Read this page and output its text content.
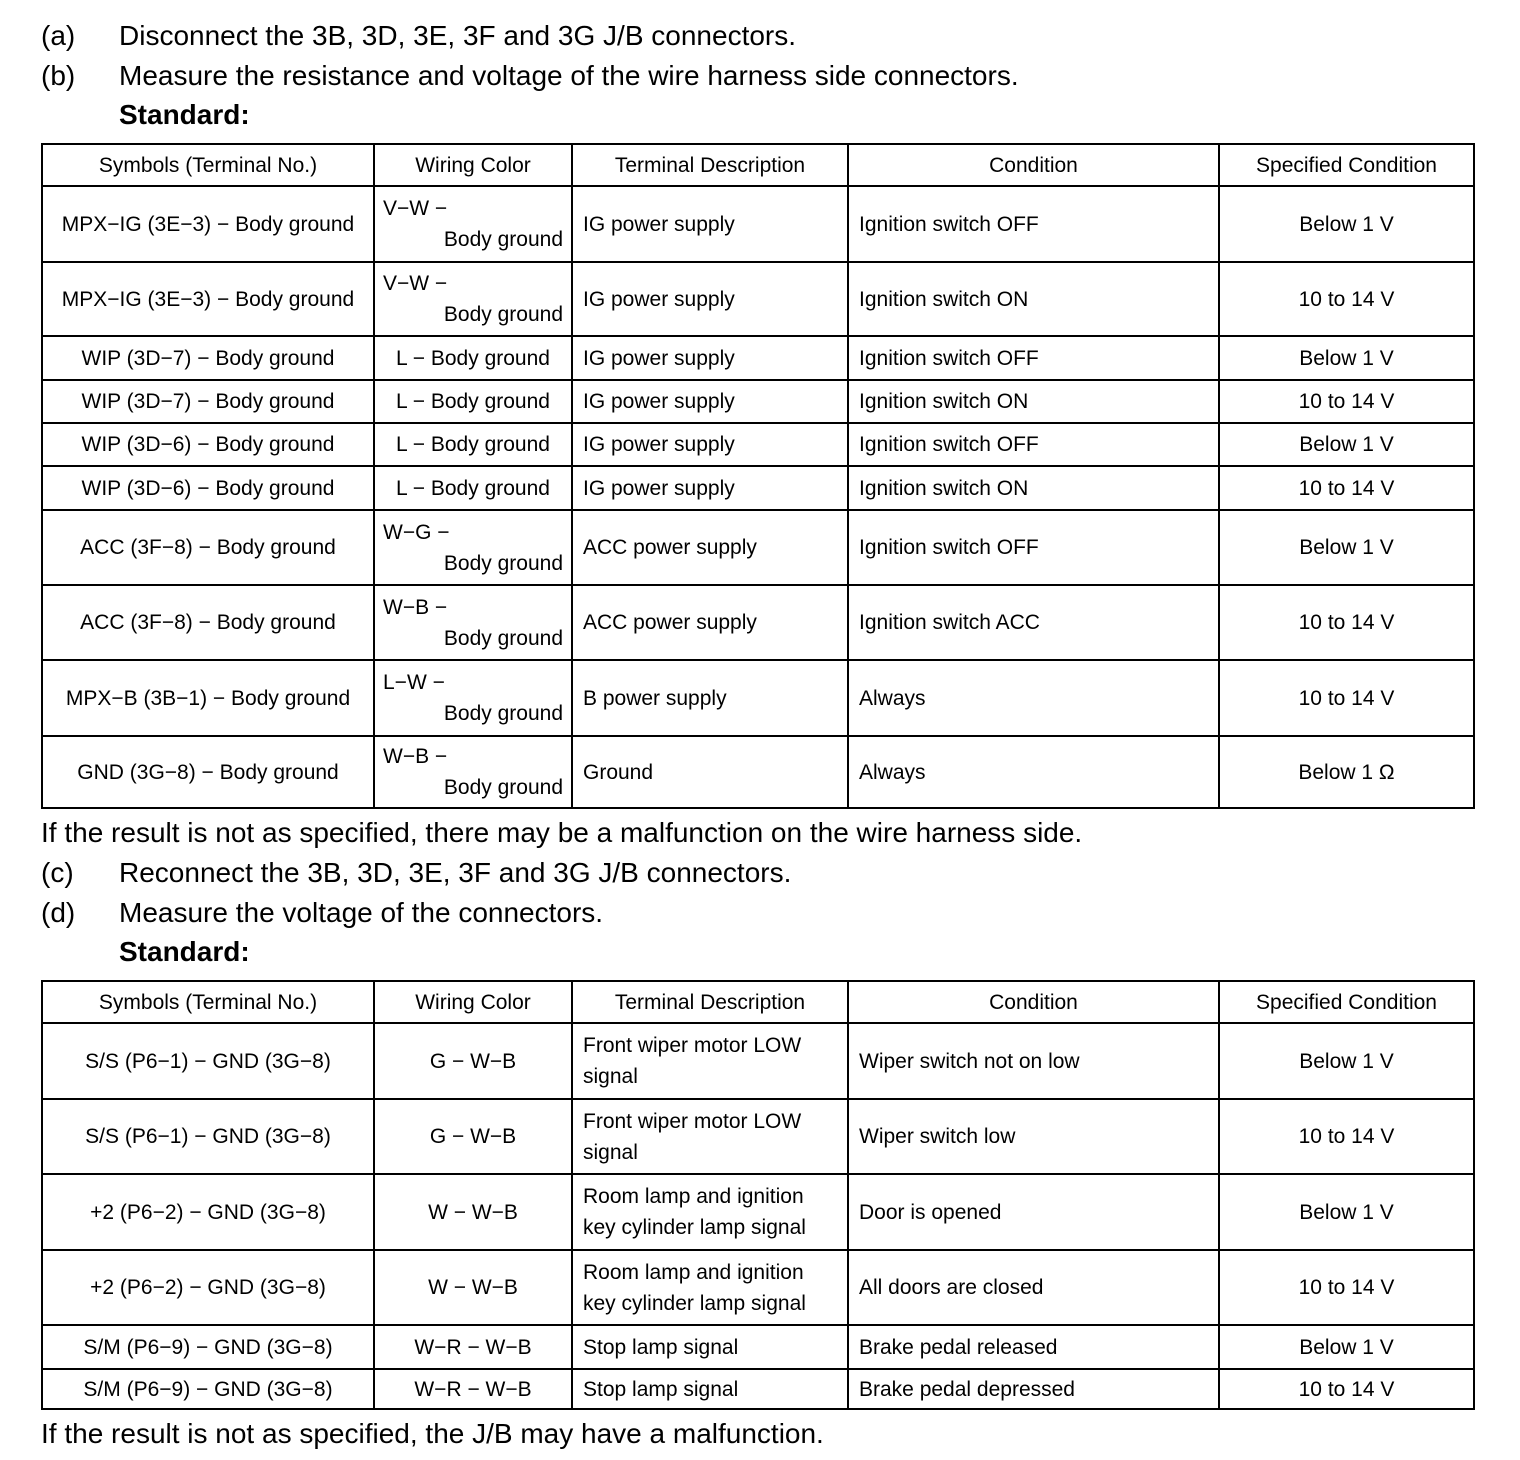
(a) Disconnect the 3B, 3D, 3E, 3F and 3G J/B connectors.
(b) Measure the resistance and voltage of the wire harness side connectors.
Standard:
Symbols (Terminal No.)	Wiring Color	Terminal Description	Condition	Specified Condition
MPX−IG (3E−3) − Body ground	V−W −
Body ground	IG power supply	Ignition switch OFF	Below 1 V
MPX−IG (3E−3) − Body ground	V−W −
Body ground	IG power supply	Ignition switch ON	10 to 14 V
WIP (3D−7) − Body ground	L − Body ground	IG power supply	Ignition switch OFF	Below 1 V
WIP (3D−7) − Body ground	L − Body ground	IG power supply	Ignition switch ON	10 to 14 V
WIP (3D−6) − Body ground	L − Body ground	IG power supply	Ignition switch OFF	Below 1 V
WIP (3D−6) − Body ground	L − Body ground	IG power supply	Ignition switch ON	10 to 14 V
ACC (3F−8) − Body ground	W−G −
Body ground	ACC power supply	Ignition switch OFF	Below 1 V
ACC (3F−8) − Body ground	W−B −
Body ground	ACC power supply	Ignition switch ACC	10 to 14 V
MPX−B (3B−1) − Body ground	L−W −
Body ground	B power supply	Always	10 to 14 V
GND (3G−8) − Body ground	W−B −
Body ground	Ground	Always	Below 1 Ω
If the result is not as specified, there may be a malfunction on the wire harness side.
(c) Reconnect the 3B, 3D, 3E, 3F and 3G J/B connectors.
(d) Measure the voltage of the connectors.
Standard:
Symbols (Terminal No.)	Wiring Color	Terminal Description	Condition	Specified Condition
S/S (P6−1) − GND (3G−8)	G − W−B	Front wiper motor LOW
signal	Wiper switch not on low	Below 1 V
S/S (P6−1) − GND (3G−8)	G − W−B	Front wiper motor LOW
signal	Wiper switch low	10 to 14 V
+2 (P6−2) − GND (3G−8)	W − W−B	Room lamp and ignition
key cylinder lamp signal	Door is opened	Below 1 V
+2 (P6−2) − GND (3G−8)	W − W−B	Room lamp and ignition
key cylinder lamp signal	All doors are closed	10 to 14 V
S/M (P6−9) − GND (3G−8)	W−R − W−B	Stop lamp signal	Brake pedal released	Below 1 V
S/M (P6−9) − GND (3G−8)	W−R − W−B	Stop lamp signal	Brake pedal depressed	10 to 14 V
If the result is not as specified, the J/B may have a malfunction.
